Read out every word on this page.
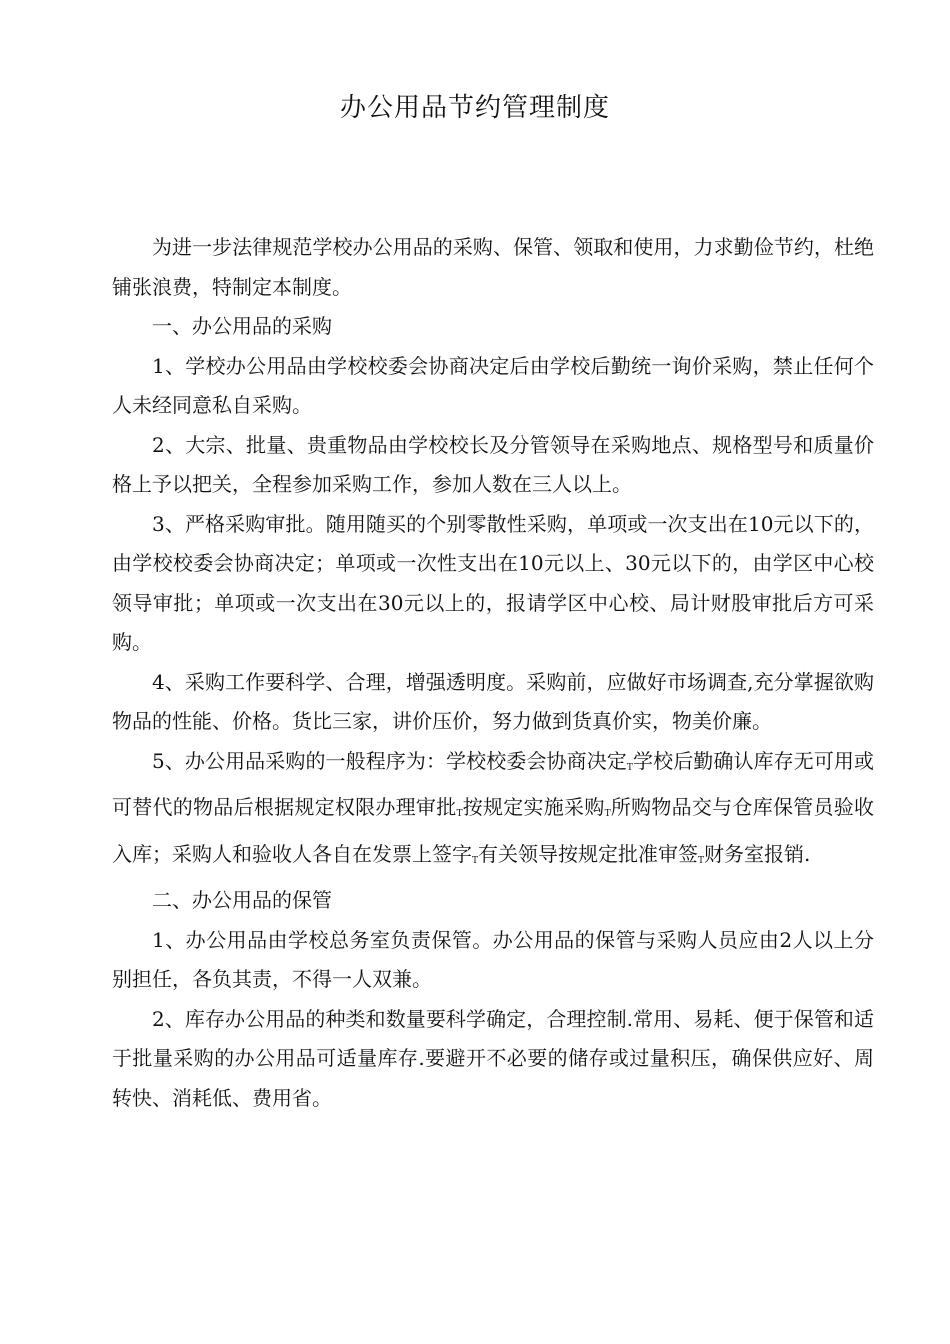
办公用品节约管理制度

为进一步法律规范学校办公用品的采购、保管、领取和使用，力求勤俭节约，杜绝铺张浪费，特制定本制度。

一、办公用品的采购

1、学校办公用品由学校校委会协商决定后由学校后勤统一询价采购，禁止任何个人未经同意私自采购。

2、大宗、批量、贵重物品由学校校长及分管领导在采购地点、规格型号和质量价格上予以把关，全程参加采购工作，参加人数在三人以上。

3、严格采购审批。随用随买的个别零散性采购，单项或一次支出在10元以下的，由学校校委会协商决定；单项或一次性支出在10元以上、30元以下的，由学区中心校领导审批；单项或一次支出在30元以上的，报请学区中心校、局计财股审批后方可采购。

4、采购工作要科学、合理，增强透明度。采购前，应做好市场调查,充分掌握欲购物品的性能、价格。货比三家，讲价压价，努力做到货真价实，物美价廉。

5、办公用品采购的一般程序为：学校校委会协商决定$_T$学校后勤确认库存无可用或可替代的物品后根据规定权限办理审批$_T$按规定实施采购$_T$所购物品交与仓库保管员验收入库；采购人和验收人各自在发票上签字$_T$有关领导按规定批准审签$_T$财务室报销.

二、办公用品的保管

1、办公用品由学校总务室负责保管。办公用品的保管与采购人员应由2人以上分别担任，各负其责，不得一人双兼。

2、库存办公用品的种类和数量要科学确定，合理控制.常用、易耗、便于保管和适于批量采购的办公用品可适量库存.要避开不必要的储存或过量积压，确保供应好、周转快、消耗低、费用省。
